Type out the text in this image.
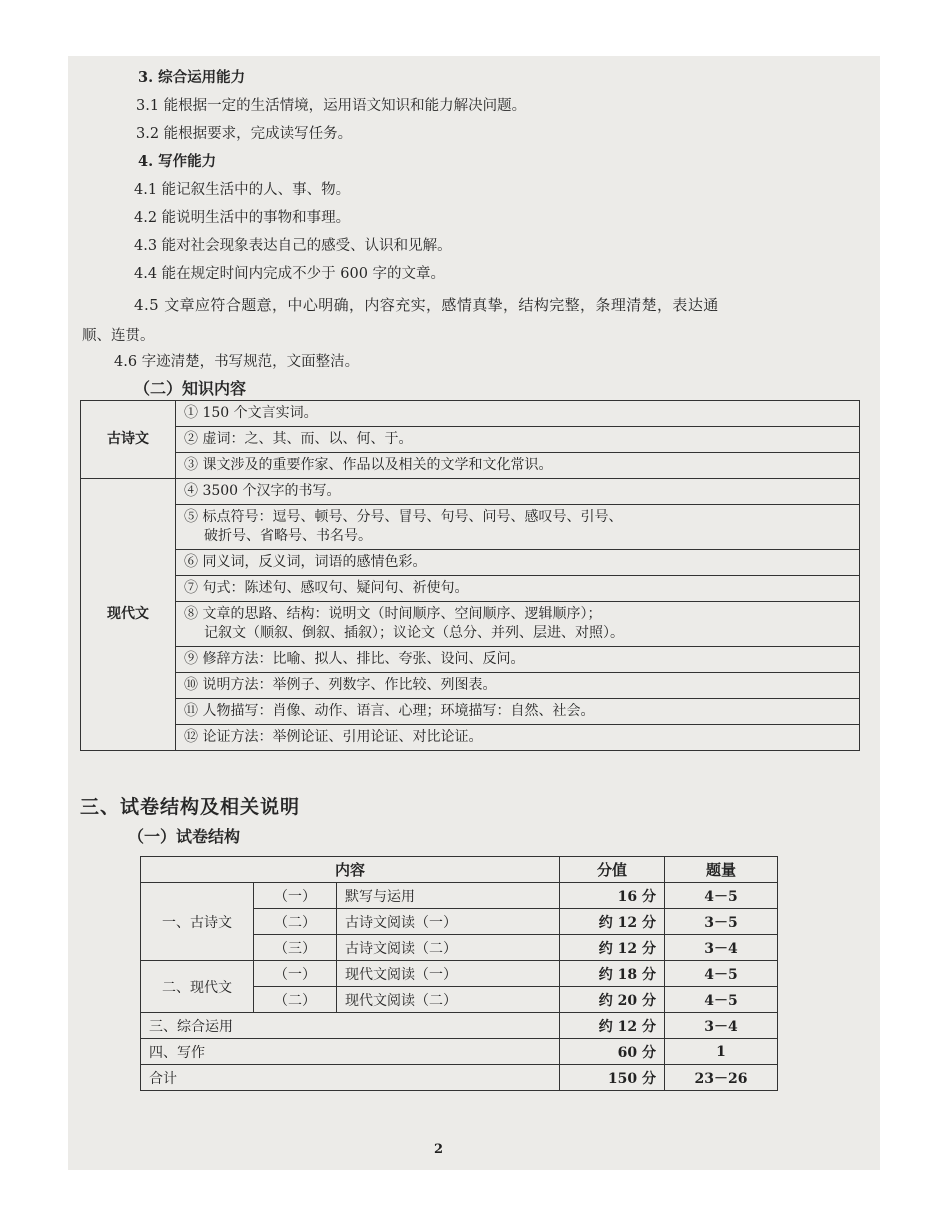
3. 综合运用能力
3.1 能根据一定的生活情境，运用语文知识和能力解决问题。
3.2 能根据要求，完成读写任务。
4. 写作能力
4.1 能记叙生活中的人、事、物。
4.2 能说明生活中的事物和事理。
4.3 能对社会现象表达自己的感受、认识和见解。
4.4 能在规定时间内完成不少于 600 字的文章。
4.5 文章应符合题意，中心明确，内容充实，感情真挚，结构完整，条理清楚，表达通
顺、连贯。
4.6 字迹清楚，书写规范，文面整洁。
（二）知识内容
古诗文	① 150 个文言实词。
	② 虚词：之、其、而、以、何、于。
	③ 课文涉及的重要作家、作品以及相关的文学和文化常识。
现代文	④ 3500 个汉字的书写。

	⑤ 标点符号：逗号、顿号、分号、冒号、句号、问号、感叹号、引号、
破折号、省略号、书名号。

	⑥ 同义词，反义词，词语的感情色彩。
	⑦ 句式：陈述句、感叹句、疑问句、祈使句。

	⑧ 文章的思路、结构：说明文（时间顺序、空间顺序、逻辑顺序）；
记叙文（顺叙、倒叙、插叙）；议论文（总分、并列、层进、对照）。

	⑨ 修辞方法：比喻、拟人、排比、夸张、设问、反问。
	⑩ 说明方法：举例子、列数字、作比较、列图表。
	⑪ 人物描写：肖像、动作、语言、心理；环境描写：自然、社会。
	⑫ 论证方法：举例论证、引用论证、对比论证。
三、试卷结构及相关说明
（一）试卷结构
内容			分值	题量
一、古诗文	（一）	默写与运用	16 分	4－5
	（二）	古诗文阅读（一）	约 12 分	3－5
	（三）	古诗文阅读（二）	约 12 分	3－4
二、现代文	（一）	现代文阅读（一）	约 18 分	4－5
	（二）	现代文阅读（二）	约 20 分	4－5
三、综合运用			约 12 分	3－4
四、写作			60 分	1
合计			150 分	23－26
2
